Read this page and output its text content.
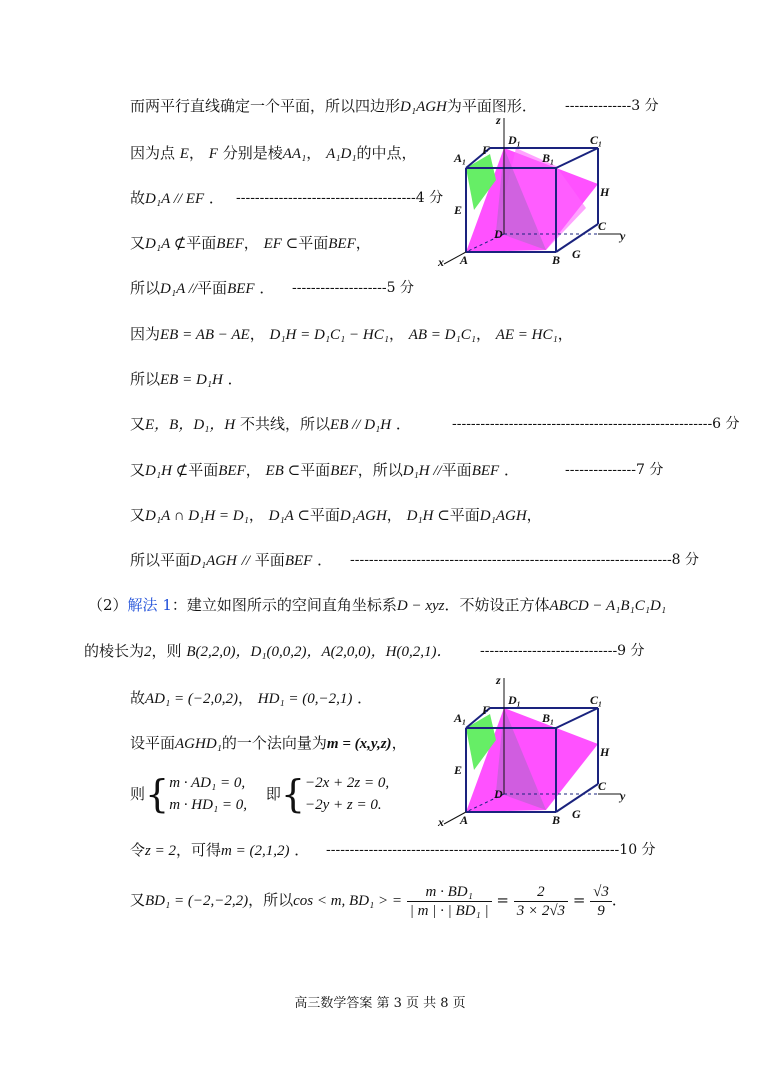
而两平行直线确定一个平面，所以四边形D₁AGH为平面图形． --------------3 分
因为点 E， F 分别是棱AA₁， A₁D₁的中点，
故D₁A // EF ． --------------------------------------4 分
又D₁A ⊄平面BEF， EF ⊂平面BEF，
所以D₁A //平面BEF ． --------------------5 分
因为EB = AB − AE， D₁H = D₁C₁ − HC₁， AB = D₁C₁， AE = HC₁，
所以EB = D₁H ．
又E，B，D₁，H 不共线，所以EB // D₁H ．	-------------------------------------------------------6 分
又D₁H ⊄平面BEF， EB ⊂平面BEF，所以D₁H //平面BEF ．	---------------7 分
又D₁A ∩ D₁H = D₁， D₁A ⊂平面D₁AGH， D₁H ⊂平面D₁AGH，
所以平面D₁AGH // 平面BEF ． --------------------------------------------------------------------8 分
（2）解法 1：建立如图所示的空间直角坐标系D − xyz．不妨设正方体ABCD − A₁B₁C₁D₁
的棱长为2，则 B(2,2,0)，D₁(0,0,2)，A(2,0,0)，H(0,2,1)． -----------------------------9 分
故AD₁ = (−2,0,2)， HD₁ = (0,−2,1) ．
设平面AGHD₁的一个法向量为m = (x,y,z)，
则{ m · AD₁ = 0,
m · HD₁ = 0,
即{ −2x + 2z = 0,
−2y + z = 0.
令z = 2，可得m = (2,1,2) ． --------------------------------------------------------------10 分
又BD₁ = (−2,−2,2)，所以cos < m, BD₁ > = $\frac{\text{m · BD₁}}{\text{| m | · | BD₁ |}} = \frac{2}{3 \times 2√3} = \frac{√3}{9}$ ．
z
D₁	C₁
A₁
F
B₁
H
E
D
C
y
x A	B G
z
D₁	C₁
A₁
F
B₁
H
E
D
C
y
x A	B G
高三数学答案 第 3 页 共 8 页
